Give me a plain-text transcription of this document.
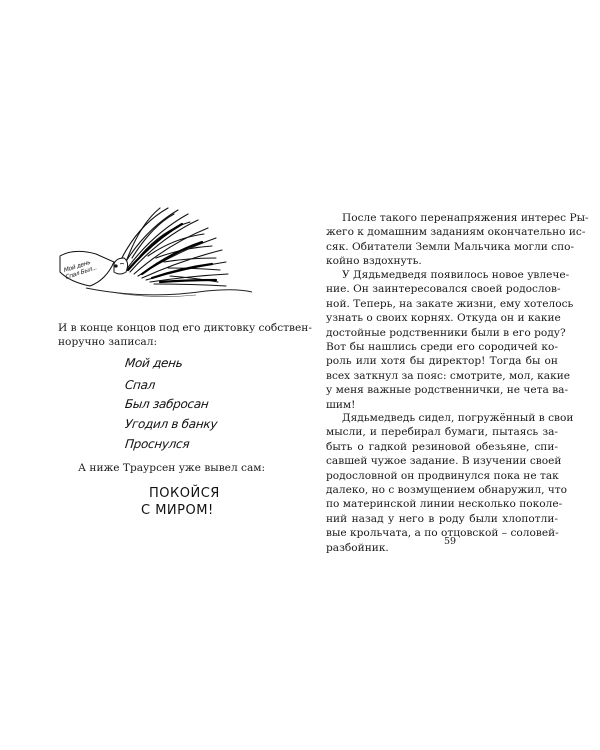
Мой день Спал Был...
И в конце концов под его диктовку собствен-
норучно записал:
Мой день
Спал
Был забросан
Угодил в банку
Проснулся
А ниже Траурсен уже вывел сам:
ПОКОЙСЯ
С МИРОМ!
После такого перенапряжения интерес Ры-
жего к домашним заданиям окончательно ис-
сяк. Обитатели Земли Мальчика могли спо-
койно вздохнуть.
У Дядьмедведя появилось новое увлече-
ние. Он заинтересовался своей родослов-
ной. Теперь, на закате жизни, ему хотелось
узнать о своих корнях. Откуда он и какие
достойные родственники были в его роду?
Вот бы нашлись среди его сородичей ко-
роль или хотя бы директор! Тогда бы он
всех заткнул за пояс: смотрите, мол, какие
у меня важные родственнички, не чета ва-
шим!
Дядьмедведь сидел, погружённый в свои
мысли, и перебирал бумаги, пытаясь за-
быть о гадкой резиновой обезьяне, спи-
савшей чужое задание. В изучении своей
родословной он продвинулся пока не так
далеко, но с возмущением обнаружил, что
по материнской линии несколько поколе-
ний назад у него в роду были хлопотли-
вые крольчата, а по отцовской – соловей-
разбойник.
59
